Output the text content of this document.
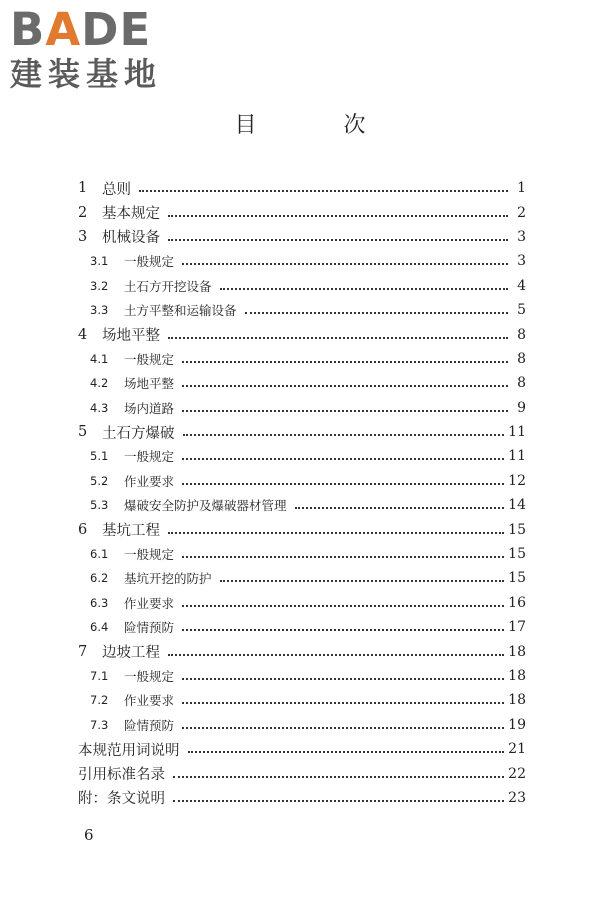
BADE
建装基地
目 次
1	总则	1
2	基本规定	2
3	机械设备	3
3.1	一般规定	3
3.2	土石方开挖设备	4
3.3	土方平整和运输设备	5
4	场地平整	8
4.1	一般规定	8
4.2	场地平整	8
4.3	场内道路	9
5	土石方爆破	11
5.1	一般规定	11
5.2	作业要求	12
5.3	爆破安全防护及爆破器材管理	14
6	基坑工程	15
6.1	一般规定	15
6.2	基坑开挖的防护	15
6.3	作业要求	16
6.4	险情预防	17
7	边坡工程	18
7.1	一般规定	18
7.2	作业要求	18
7.3	险情预防	19
本规范用词说明	21
引用标准名录	22
附：条文说明	23
6
